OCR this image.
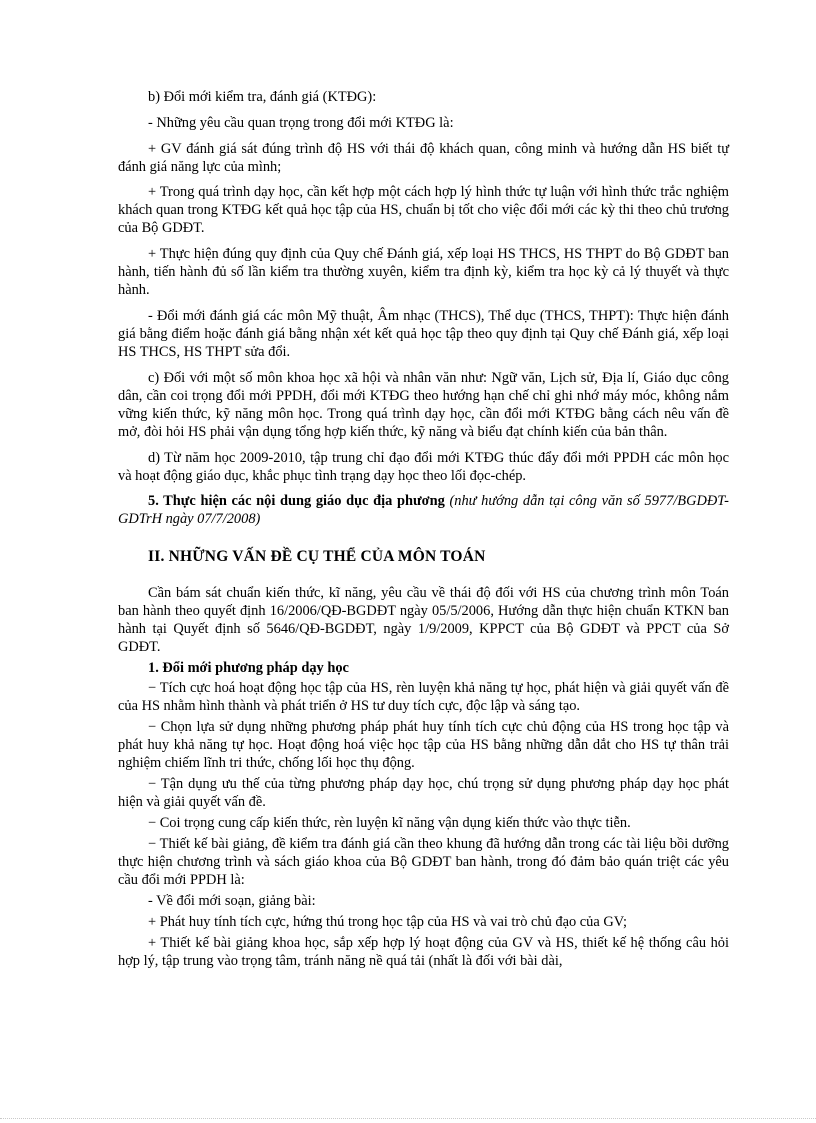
b) Đổi mới kiểm tra, đánh giá (KTĐG):

- Những yêu cầu quan trọng trong đổi mới KTĐG là:

+ GV đánh giá sát đúng trình độ HS với thái độ khách quan, công minh và hướng dẫn HS biết tự đánh giá năng lực của mình;

+ Trong quá trình dạy học, cần kết hợp một cách hợp lý hình thức tự luận với hình thức trắc nghiệm khách quan trong KTĐG kết quả học tập của HS, chuẩn bị tốt cho việc đổi mới các kỳ thi theo chủ trương của Bộ GDĐT.

+ Thực hiện đúng quy định của Quy chế Đánh giá, xếp loại HS THCS, HS THPT do Bộ GDĐT ban hành, tiến hành đủ số lần kiểm tra thường xuyên, kiểm tra định kỳ, kiểm tra học kỳ cả lý thuyết và thực hành.

- Đổi mới đánh giá các môn Mỹ thuật, Âm nhạc (THCS), Thể dục (THCS, THPT): Thực hiện đánh giá bằng điểm hoặc đánh giá bằng nhận xét kết quả học tập theo quy định tại Quy chế Đánh giá, xếp loại HS THCS, HS THPT sửa đổi.

c) Đối với một số môn khoa học xã hội và nhân văn như: Ngữ văn, Lịch sử, Địa lí, Giáo dục công dân, cần coi trọng đổi mới PPDH, đổi mới KTĐG theo hướng hạn chế chỉ ghi nhớ máy móc, không nắm vững kiến thức, kỹ năng môn học. Trong quá trình dạy học, cần đổi mới KTĐG bằng cách nêu vấn đề mở, đòi hỏi HS phải vận dụng tổng hợp kiến thức, kỹ năng và biểu đạt chính kiến của bản thân.

d) Từ năm học 2009-2010, tập trung chỉ đạo đổi mới KTĐG thúc đẩy đổi mới PPDH các môn học và hoạt động giáo dục, khắc phục tình trạng dạy học theo lối đọc-chép.

5. Thực hiện các nội dung giáo dục địa phương (như hướng dẫn tại công văn số 5977/BGDĐT-GDTrH ngày 07/7/2008)

II. NHỮNG VẤN ĐỀ CỤ THỂ CỦA MÔN TOÁN

Cần bám sát chuẩn kiến thức, kĩ năng, yêu cầu về thái độ đối với HS của chương trình môn Toán ban hành theo quyết định 16/2006/QĐ-BGDĐT ngày 05/5/2006, Hướng dẫn thực hiện chuẩn KTKN ban hành tại Quyết định số 5646/QĐ-BGDĐT, ngày 1/9/2009, KPPCT của Bộ GDĐT và PPCT của Sở GDĐT.

1. Đổi mới phương pháp dạy học

− Tích cực hoá hoạt động học tập của HS, rèn luyện khả năng tự học, phát hiện và giải quyết vấn đề của HS nhằm hình thành và phát triển ở HS tư duy tích cực, độc lập và sáng tạo.

− Chọn lựa sử dụng những phương pháp phát huy tính tích cực chủ động của HS trong học tập và phát huy khả năng tự học. Hoạt động hoá việc học tập của HS bằng những dẫn dắt cho HS tự thân trải nghiệm chiếm lĩnh tri thức, chống lối học thụ động.

− Tận dụng ưu thế của từng phương pháp dạy học, chú trọng sử dụng phương pháp dạy học phát hiện và giải quyết vấn đề.

− Coi trọng cung cấp kiến thức, rèn luyện kĩ năng vận dụng kiến thức vào thực tiễn.

− Thiết kế bài giảng, đề kiểm tra đánh giá cần theo khung đã hướng dẫn trong các tài liệu bồi dưỡng thực hiện chương trình và sách giáo khoa của Bộ GDĐT ban hành, trong đó đảm bảo quán triệt các yêu cầu đổi mới PPDH là:

- Về đổi mới soạn, giảng bài:

+ Phát huy tính tích cực, hứng thú trong học tập của HS và vai trò chủ đạo của GV;

+ Thiết kế bài giảng khoa học, sắp xếp hợp lý hoạt động của GV và HS, thiết kế hệ thống câu hỏi hợp lý, tập trung vào trọng tâm, tránh năng nề quá tải (nhất là đối với bài dài,
